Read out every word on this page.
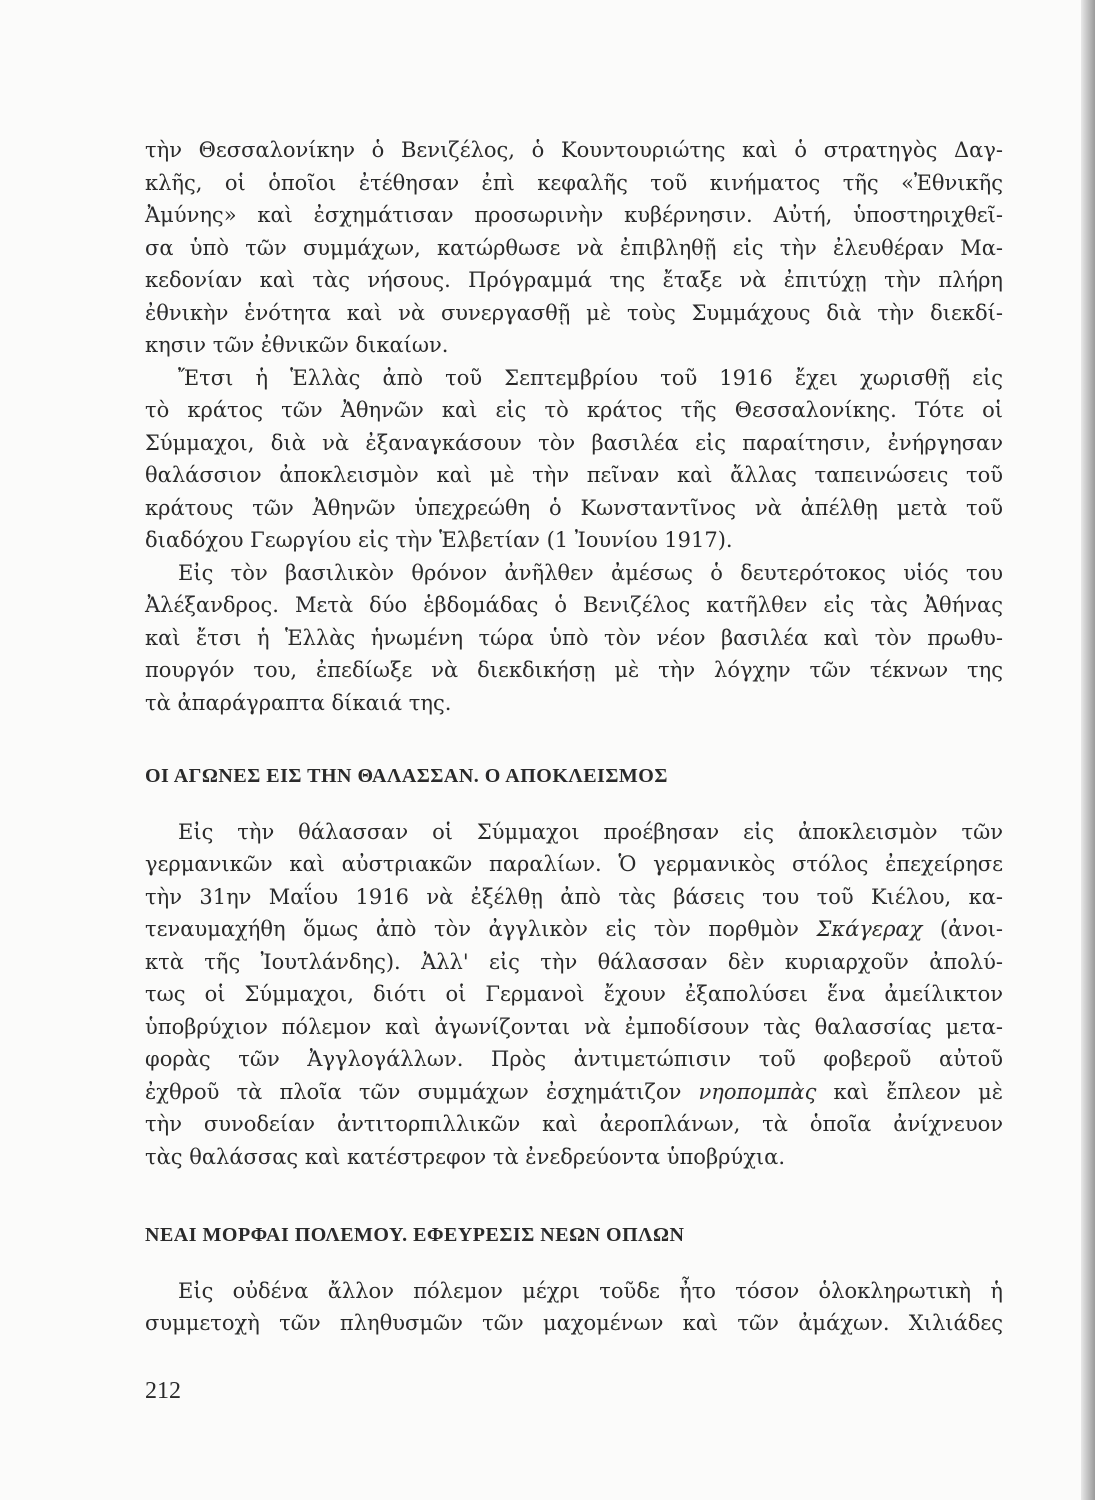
τὴν Θεσσαλονίκην ὁ Βενιζέλος, ὁ Κουντουριώτης καὶ ὁ στρατηγὸς Δαγ-
κλῆς, οἱ ὁποῖοι ἐτέθησαν ἐπὶ κεφαλῆς τοῦ κινήματος τῆς «Ἐθνικῆς
Ἀμύνης» καὶ ἐσχημάτισαν προσωρινὴν κυβέρνησιν. Αὐτή, ὑποστηριχθεῖ-
σα ὑπὸ τῶν συμμάχων, κατώρθωσε νὰ ἐπιβληθῇ εἰς τὴν ἐλευθέραν Μα-
κεδονίαν καὶ τὰς νήσους. Πρόγραμμά της ἔταξε νὰ ἐπιτύχῃ τὴν πλήρη
ἐθνικὴν ἑνότητα καὶ νὰ συνεργασθῇ μὲ τοὺς Συμμάχους διὰ τὴν διεκδί-
κησιν τῶν ἐθνικῶν δικαίων.
Ἔτσι ἡ Ἑλλὰς ἀπὸ τοῦ Σεπτεμβρίου τοῦ 1916 ἔχει χωρισθῇ εἰς
τὸ κράτος τῶν Ἀθηνῶν καὶ εἰς τὸ κράτος τῆς Θεσσαλονίκης. Τότε οἱ
Σύμμαχοι, διὰ νὰ ἐξαναγκάσουν τὸν βασιλέα εἰς παραίτησιν, ἐνήργησαν
θαλάσσιον ἀποκλεισμὸν καὶ μὲ τὴν πεῖναν καὶ ἄλλας ταπεινώσεις τοῦ
κράτους τῶν Ἀθηνῶν ὑπεχρεώθη ὁ Κωνσταντῖνος νὰ ἀπέλθῃ μετὰ τοῦ
διαδόχου Γεωργίου εἰς τὴν Ἑλβετίαν (1 Ἰουνίου 1917).
Εἰς τὸν βασιλικὸν θρόνον ἀνῆλθεν ἀμέσως ὁ δευτερότοκος υἱός του
Ἀλέξανδρος. Μετὰ δύο ἑβδομάδας ὁ Βενιζέλος κατῆλθεν εἰς τὰς Ἀθήνας
καὶ ἔτσι ἡ Ἑλλὰς ἡνωμένη τώρα ὑπὸ τὸν νέον βασιλέα καὶ τὸν πρωθυ-
πουργόν του, ἐπεδίωξε νὰ διεκδικήσῃ μὲ τὴν λόγχην τῶν τέκνων της
τὰ ἀπαράγραπτα δίκαιά της.
ΟΙ ΑΓΩΝΕΣ ΕΙΣ ΤΗΝ ΘΑΛΑΣΣΑΝ. Ο ΑΠΟΚΛΕΙΣΜΟΣ
Εἰς τὴν θάλασσαν οἱ Σύμμαχοι προέβησαν εἰς ἀποκλεισμὸν τῶν
γερμανικῶν καὶ αὐστριακῶν παραλίων. Ὁ γερμανικὸς στόλος ἐπεχείρησε
τὴν 31ην Μαΐου 1916 νὰ ἐξέλθῃ ἀπὸ τὰς βάσεις του τοῦ Κιέλου, κα-
τεναυμαχήθη ὅμως ἀπὸ τὸν ἀγγλικὸν εἰς τὸν πορθμὸν Σκάγεραχ (ἀνοι-
κτὰ τῆς Ἰουτλάνδης). Ἀλλ' εἰς τὴν θάλασσαν δὲν κυριαρχοῦν ἀπολύ-
τως οἱ Σύμμαχοι, διότι οἱ Γερμανοὶ ἔχουν ἐξαπολύσει ἕνα ἀμείλικτον
ὑποβρύχιον πόλεμον καὶ ἀγωνίζονται νὰ ἐμποδίσουν τὰς θαλασσίας μετα-
φορὰς τῶν Ἀγγλογάλλων. Πρὸς ἀντιμετώπισιν τοῦ φοβεροῦ αὐτοῦ
ἐχθροῦ τὰ πλοῖα τῶν συμμάχων ἐσχημάτιζον νηοπομπὰς καὶ ἔπλεον μὲ
τὴν συνοδείαν ἀντιτορπιλλικῶν καὶ ἀεροπλάνων, τὰ ὁποῖα ἀνίχνευον
τὰς θαλάσσας καὶ κατέστρεφον τὰ ἐνεδρεύοντα ὑποβρύχια.
ΝΕΑΙ ΜΟΡΦΑΙ ΠΟΛΕΜΟΥ. ΕΦΕΥΡΕΣΙΣ ΝΕΩΝ ΟΠΛΩΝ
Εἰς οὐδένα ἄλλον πόλεμον μέχρι τοῦδε ἦτο τόσον ὁλοκληρωτικὴ ἡ
συμμετοχὴ τῶν πληθυσμῶν τῶν μαχομένων καὶ τῶν ἀμάχων. Χιλιάδες
212
